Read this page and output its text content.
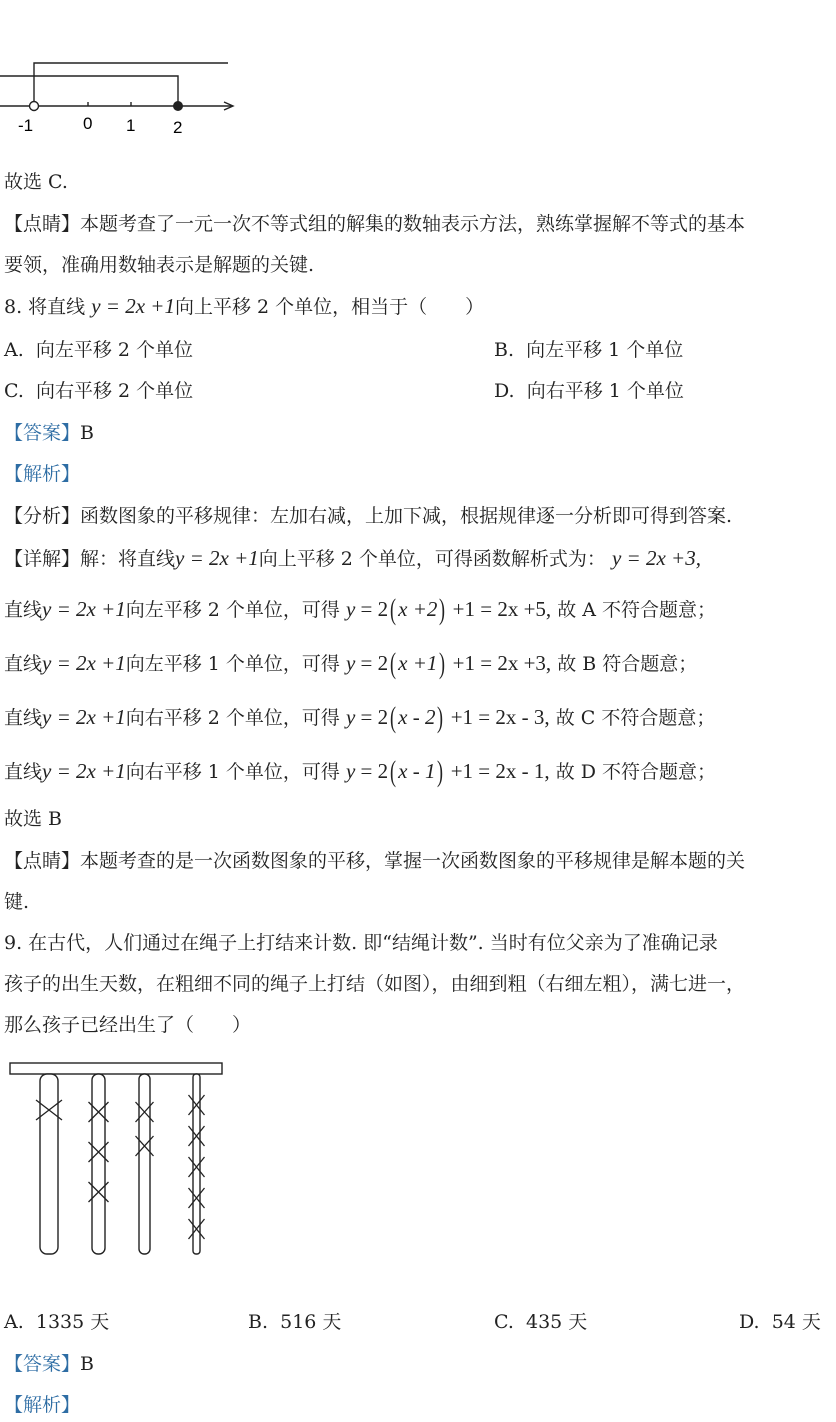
-1	0 1 2
故选 C.
【点睛】本题考查了一元一次不等式组的解集的数轴表示方法，熟练掌握解不等式的基本
要领，准确用数轴表示是解题的关键.
8. 将直线 y = 2x +1向上平移 2 个单位，相当于（　　）
A. 向左平移 2 个单位	B. 向左平移 1 个单位
C. 向右平移 2 个单位	D. 向右平移 1 个单位
【答案】B
【解析】
【分析】函数图象的平移规律：左加右减，上加下减，根据规律逐一分析即可得到答案.
【详解】解：将直线y = 2x +1向上平移 2 个单位，可得函数解析式为： y = 2x +3,
直线y = 2x +1向左平移 2 个单位，可得 y = 2(x +2) +1 = 2x +5, 故 A 不符合题意；
直线y = 2x +1向左平移 1 个单位，可得 y = 2(x +1) +1 = 2x +3, 故 B 符合题意；
直线y = 2x +1向右平移 2 个单位，可得 y = 2(x - 2) +1 = 2x - 3, 故 C 不符合题意；
直线y = 2x +1向右平移 1 个单位，可得 y = 2(x - 1) +1 = 2x - 1, 故 D 不符合题意；
故选 B
【点睛】本题考查的是一次函数图象的平移，掌握一次函数图象的平移规律是解本题的关
键.
9. 在古代，人们通过在绳子上打结来计数. 即“结绳计数”. 当时有位父亲为了准确记录
孩子的出生天数，在粗细不同的绳子上打结（如图），由细到粗（右细左粗），满七进一，
那么孩子已经出生了（　　）
A. 1335 天	B. 516 天	C. 435 天	D. 54 天
【答案】B
【解析】
